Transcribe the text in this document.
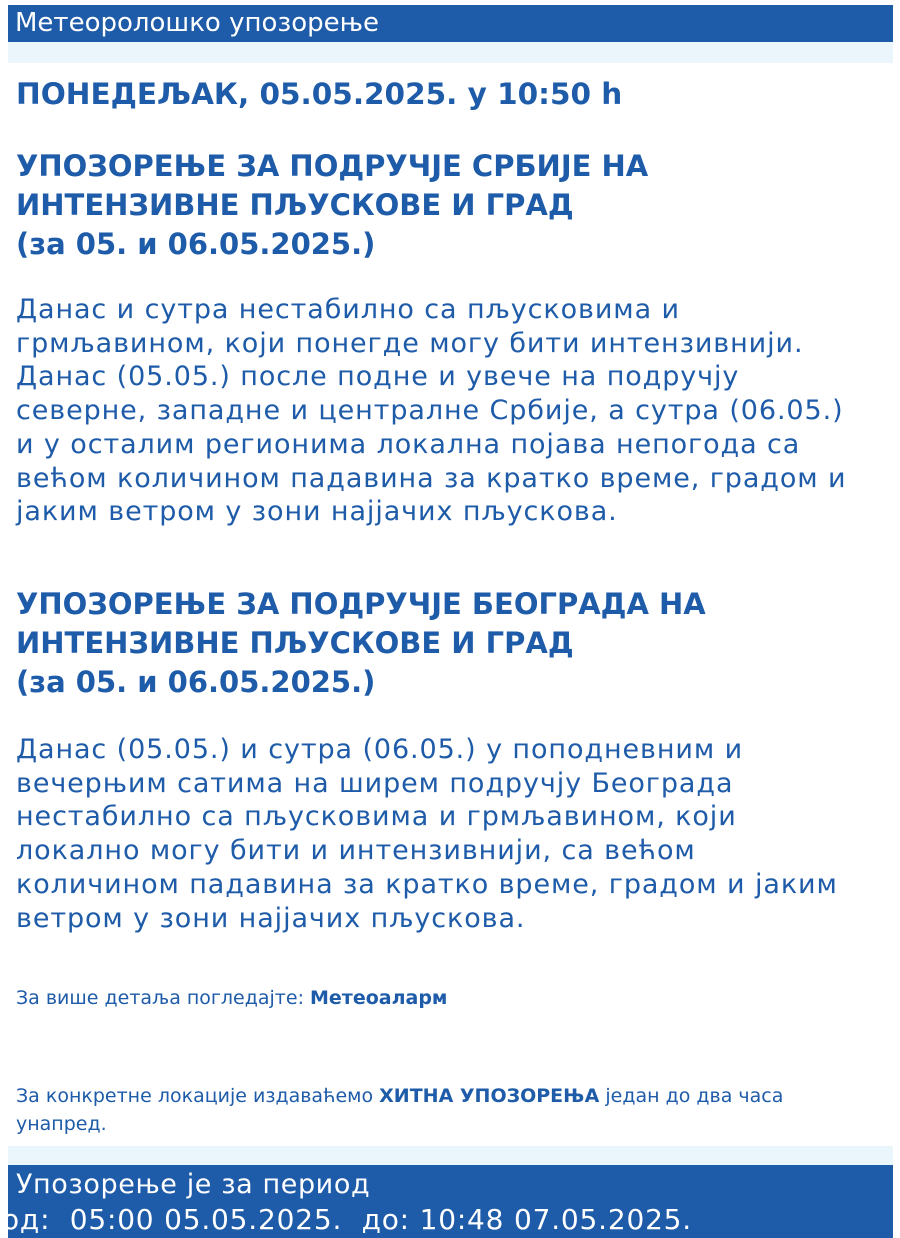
Метеоролошко упозорење

ПОНЕДЕЉАК, 05.05.2025. у 10:50 h

УПОЗОРЕЊЕ ЗА ПОДРУЧЈЕ СРБИЈЕ НА

ИНТЕНЗИВНЕ ПЉУСКОВЕ И ГРАД

(за 05. и 06.05.2025.)

Данас и сутра нестабилно са пљусковима и
грмљавином, који понегде могу бити интензивнији.
Данас (05.05.) после подне и увече на подручју
северне, западне и централне Србије, а сутра (06.05.)
и у осталим регионима локална појава непогода са
већом количином падавина за кратко време, градом и
јаким ветром у зони најјачих пљускова.

УПОЗОРЕЊЕ ЗА ПОДРУЧЈЕ БЕОГРАДА НА

ИНТЕНЗИВНЕ ПЉУСКОВЕ И ГРАД

(за 05. и 06.05.2025.)

Данас (05.05.) и сутра (06.05.) у поподневним и
вечерњим сатима на ширем подручју Београда
нестабилно са пљусковима и грмљавином, који
локално могу бити и интензивнији, са већом
количином падавина за кратко време, градом и јаким
ветром у зони најјачих пљускова.

За више детаља погледајте: Метеоаларм

За конкретне локације издаваћемо ХИТНА УПОЗОРЕЊА један до два часа унапред.

Упозорење је за период
од: 05:00 05.05.2025. до: 10:48 07.05.2025.
